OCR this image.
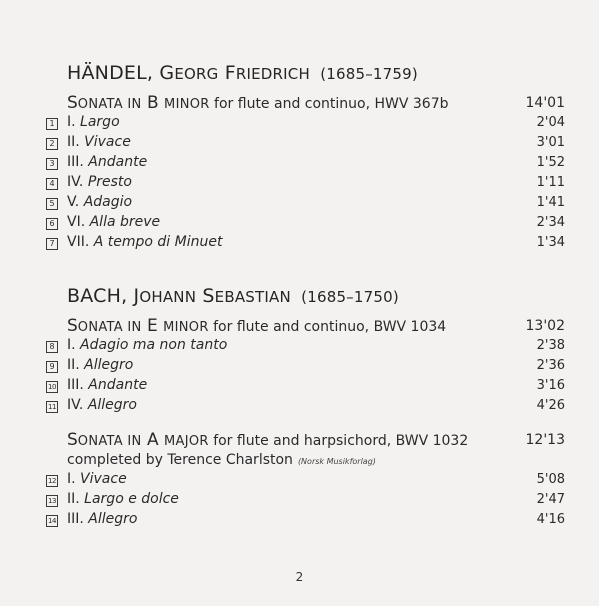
HÄNDEL, GEORG FRIEDRICH (1685–1759)
SONATA IN B MINOR for flute and continuo, HWV 367b	14'01
1 I. Largo	2'04
2 II. Vivace	3'01
3 III. Andante	1'52
4 IV. Presto	1'11
5 V. Adagio	1'41
6 VI. Alla breve	2'34
7 VII. A tempo di Minuet	1'34
BACH, JOHANN SEBASTIAN (1685–1750)
SONATA IN E MINOR for flute and continuo, BWV 1034	13'02
8 I. Adagio ma non tanto	2'38
9 II. Allegro	2'36
10 III. Andante	3'16
11 IV. Allegro	4'26
SONATA IN A MAJOR for flute and harpsichord, BWV 1032	12'13
completed by Terence Charlston (Norsk Musikforlag)
12 I. Vivace	5'08
13 II. Largo e dolce	2'47
14 III. Allegro	4'16
2
